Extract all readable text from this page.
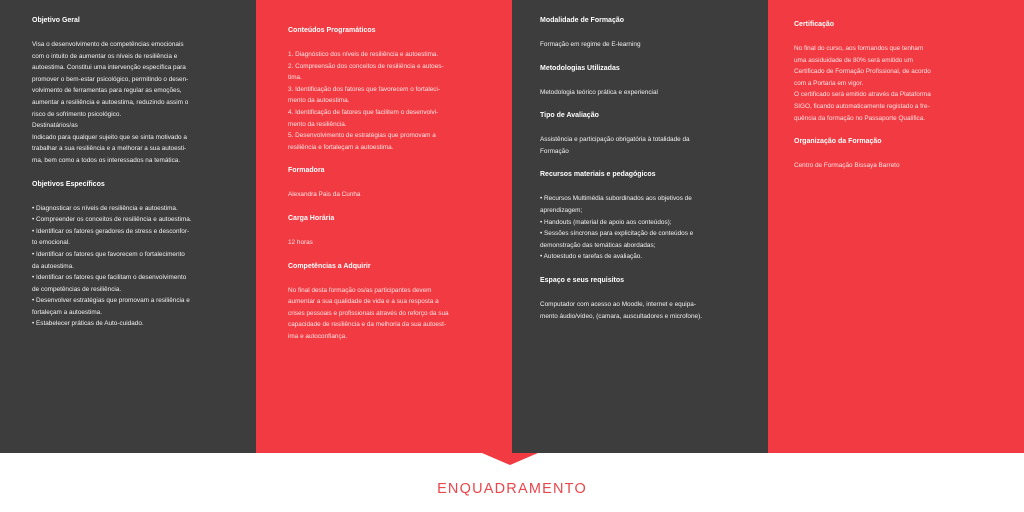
Objetivo Geral
Visa o desenvolvimento de competências emocionais
com o intuito de aumentar os níveis de resiliência e
autoestima. Constitui uma intervenção específica para
promover o bem-estar psicológico, permitindo o desen-
volvimento de ferramentas para regular as emoções,
aumentar a resiliência e autoestima, reduzindo assim o
risco de sofrimento psicológico.
Destinatários/as
Indicado para qualquer sujeito que se sinta motivado a
trabalhar a sua resiliência e a melhorar a sua autoesti-
ma, bem como a todos os interessados na temática.
Objetivos Específicos
• Diagnosticar os níveis de resiliência e autoestima.
• Compreender os conceitos de resiliência e autoestima.
• Identificar os fatores geradores de stress e desconfor-
to emocional.
• Identificar os fatores que favorecem o fortalecimento
da autoestima.
• Identificar os fatores que facilitam o desenvolvimento
de competências de resiliência.
• Desenvolver estratégias que promovam a resiliência e
fortaleçam a autoestima.
• Estabelecer práticas de Auto-cuidado.
Conteúdos Programáticos
1. Diagnóstico dos níveis de resiliência e autoestima.
2. Compreensão dos conceitos de resiliência e autoes-
tima.
3. Identificação dos fatores que favorecem o fortaleci-
mento da autoestima.
4. Identificação de fatores que facilitem o desenvolvi-
mento da resiliência.
5. Desenvolvimento de estratégias que promovam a
resiliência e fortaleçam a autoestima.
Formadora
Alexandra Pais da Cunha
Carga Horária
12 horas
Competências a Adquirir
No final desta formação os/as participantes devem
aumentar a sua qualidade de vida e a sua resposta a
crises pessoais e profissionais através do reforço da sua
capacidade de resiliência e da melhoria da sua autoest-
ima e autoconfiança.
Modalidade de Formação
Formação em regime de E-learning
Metodologias Utilizadas
Metodologia teórico prática e experiencial
Tipo de Avaliação
Assistência e participação obrigatória à totalidade da
Formação
Recursos materiais e pedagógicos
• Recursos Multimédia subordinados aos objetivos de
aprendizagem;
• Handouts (material de apoio aos conteúdos);
• Sessões síncronas para explicitação de conteúdos e
demonstração das temáticas abordadas;
• Autoestudo e tarefas de avaliação.
Espaço e seus requisitos
Computador com acesso ao Moodle, internet e equipa-
mento áudio/vídeo, (camara, auscultadores e microfone).
Certificação
No final do curso, aos formandos que tenham
uma assiduidade de 80% será emitido um
Certificado de Formação Profissional, de acordo
com a Portaria em vigor.
O certificado será emitido através da Plataforma
SIGO, ficando automaticamente registado a fre-
quência da formação no Passaporte Qualifica.
Organização da Formação
Centro de Formação Bissaya Barreto
ENQUADRAMENTO
